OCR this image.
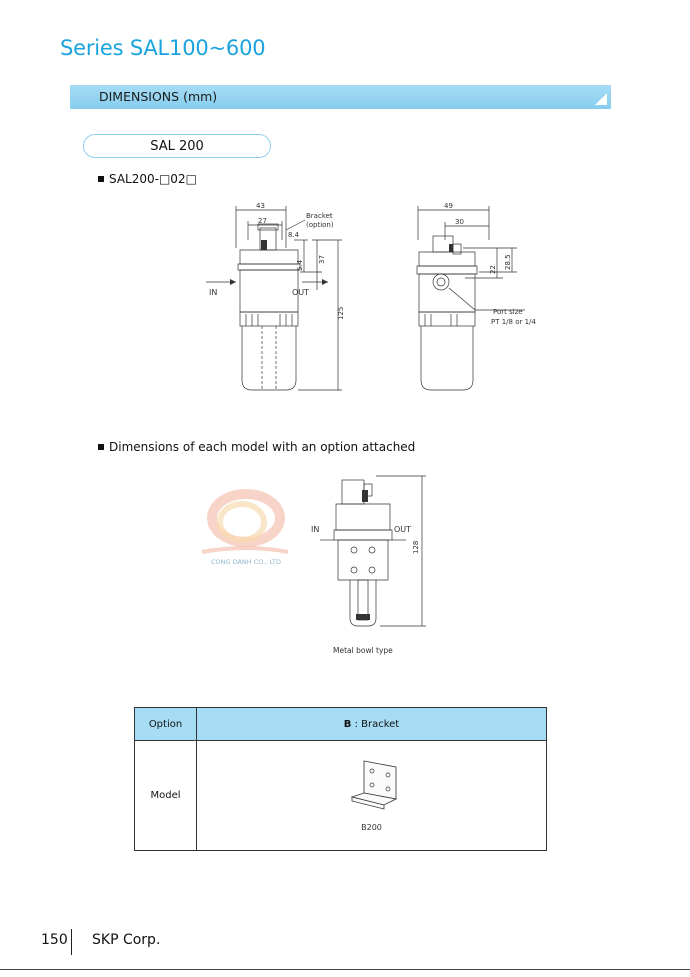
Series SAL100~600
DIMENSIONS (mm)
SAL 200
SAL200-□02□
43
27
8.4
Bracket
(option)
IN	OUT
5.4
37
125
49
30
22 28.5
Port size
PT 1/8 or 1/4
Dimensions of each model with an option attached
CONG DANH CO., LTD
IN	OUT
128
Metal bowl type
Option	B : Bracket
Model	B200
150 SKP Corp.
